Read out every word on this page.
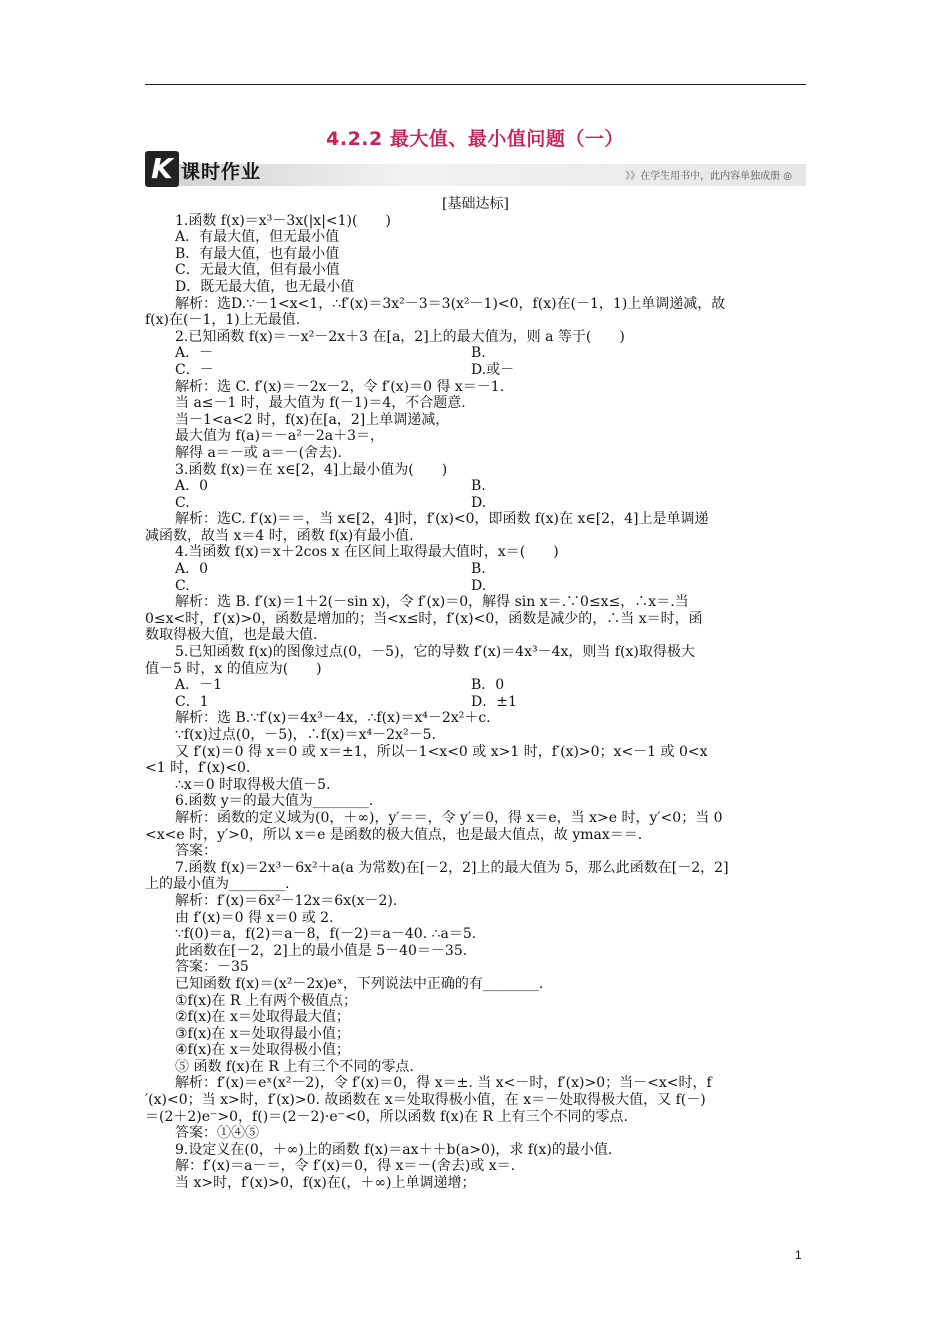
4.2.2 最大值、最小值问题（一）
K 课时作业	》》在学生用书中，此内容单独成册 ◎
[基础达标]
1.函数 f(x)＝x³－3x(|x|<1)(　　)
A．有最大值，但无最小值
B．有最大值，也有最小值
C．无最大值，但有最小值
D．既无最大值，也无最小值
解析：选D.∵－1<x<1，∴f′(x)＝3x²－3＝3(x²－1)<0，f(x)在(－1，1)上单调递减，故
f(x)在(－1，1)上无最值.
2.已知函数 f(x)＝－x²－2x＋3 在[a，2]上的最大值为，则 a 等于(　　)
A．－	B.
C．－	D.或－
解析：选 C. f′(x)＝－2x－2，令 f′(x)＝0 得 x＝－1.
当 a≤－1 时，最大值为 f(－1)＝4，不合题意.
当－1<a<2 时，f(x)在[a，2]上单调递减，
最大值为 f(a)＝－a²－2a＋3＝，
解得 a＝－或 a＝－(舍去).
3.函数 f(x)＝在 x∈[2，4]上最小值为(　　)
A．0	B.
C.	D.
解析：选C. f′(x)＝＝，当 x∈[2，4]时，f′(x)<0，即函数 f(x)在 x∈[2，4]上是单调递
减函数，故当 x＝4 时，函数 f(x)有最小值.
4.当函数 f(x)＝x＋2cos x 在区间上取得最大值时，x＝(　　)
A．0	B.
C.	D.
解析：选 B. f′(x)＝1＋2(－sin x)，令 f′(x)＝0，解得 sin x＝.∵0≤x≤，∴x＝.当
0≤x<时，f′(x)>0，函数是增加的；当<x≤时，f′(x)<0，函数是减少的，∴当 x＝时，函
数取得极大值，也是最大值.
5.已知函数 f(x)的图像过点(0，－5)，它的导数 f′(x)＝4x³－4x，则当 f(x)取得极大
值－5 时，x 的值应为(　　)
A．－1	B．0
C．1	D．±1
解析：选 B.∵f′(x)＝4x³－4x，∴f(x)＝x⁴－2x²＋c.
∵f(x)过点(0，－5)，∴f(x)＝x⁴－2x²－5.
又 f′(x)＝0 得 x＝0 或 x＝±1，所以－1<x<0 或 x>1 时，f′(x)>0；x<－1 或 0<x
<1 时，f′(x)<0.
∴x＝0 时取得极大值－5.
6.函数 y＝的最大值为________.
解析：函数的定义域为(0，＋∞)，y′＝＝，令 y′＝0，得 x＝e，当 x>e 时，y′<0；当 0
<x<e 时，y′>0，所以 x＝e 是函数的极大值点，也是最大值点，故 ymax＝＝.
答案：
7.函数 f(x)＝2x³－6x²＋a(a 为常数)在[－2，2]上的最大值为 5，那么此函数在[－2，2]
上的最小值为________.
解析：f′(x)＝6x²－12x＝6x(x－2).
由 f′(x)＝0 得 x＝0 或 2.
∵f(0)＝a，f(2)＝a－8，f(－2)＝a－40. ∴a＝5.
此函数在[－2，2]上的最小值是 5－40＝－35.
答案：－35
已知函数 f(x)＝(x²－2x)eˣ，下列说法中正确的有________.
①f(x)在 R 上有两个极值点；
②f(x)在 x＝处取得最大值；
③f(x)在 x＝处取得最小值；
④f(x)在 x＝处取得极小值；
⑤ 函数 f(x)在 R 上有三个不同的零点.
解析：f′(x)＝eˣ(x²－2)，令 f′(x)＝0，得 x＝±. 当 x<－时，f′(x)>0；当－<x<时，f
′(x)<0；当 x>时，f′(x)>0. 故函数在 x＝处取得极小值，在 x＝－处取得极大值，又 f(－)
＝(2＋2)e⁻>0，f()＝(2－2)·e⁻<0，所以函数 f(x)在 R 上有三个不同的零点.
答案：①④⑤
9.设定义在(0，＋∞)上的函数 f(x)＝ax＋＋b(a>0)，求 f(x)的最小值.
解：f′(x)＝a－＝，令 f′(x)＝0，得 x＝－(舍去)或 x＝.
当 x>时，f′(x)>0，f(x)在(，＋∞)上单调递增；
1
